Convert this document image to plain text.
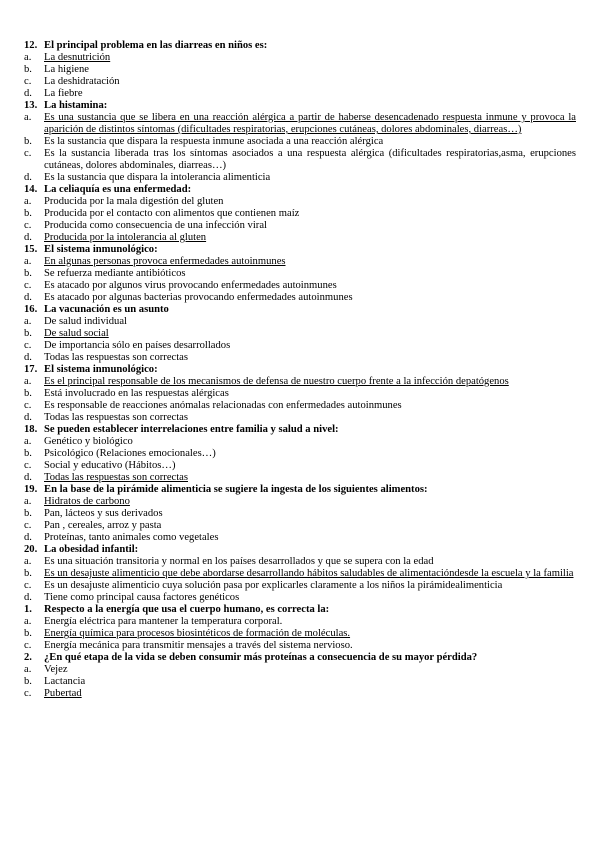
12. El principal problema en las diarreas en niños es:
a.	La desnutrición
b.	La higiene
c.	La deshidratación
d.	La fiebre
13. La histamina:
a.	Es una sustancia que se libera en una reacción alérgica a partir de haberse desencadenado respuesta inmune y provoca la aparición de distintos síntomas (dificultades respiratorias, erupciones cutáneas, dolores abdominales, diarreas…)
b.	Es la sustancia que dispara la respuesta inmune asociada a una reacción alérgica
c.	Es la sustancia liberada tras los síntomas asociados a una respuesta alérgica (dificultades respiratorias,asma, erupciones cutáneas, dolores abdominales, diarreas…)
d.	Es la sustancia que dispara la intolerancia alimenticia
14. La celiaquía es una enfermedad:
a.	Producida por la mala digestión del gluten
b.	Producida por el contacto con alimentos que contienen maíz
c.	Producida como consecuencia de una infección viral
d.	Producida por la intolerancia al gluten
15. El sistema inmunológico:
a.	En algunas personas provoca enfermedades autoinmunes
b.	Se refuerza mediante antibióticos
c.	Es atacado por algunos virus provocando enfermedades autoinmunes
d.	Es atacado por algunas bacterias provocando enfermedades autoinmunes
16. La vacunación es un asunto
a.	De salud individual
b.	De salud social
c.	De importancia sólo en países desarrollados
d.	Todas las respuestas son correctas
17. El sistema inmunológico:
a.	Es el principal responsable de los mecanismos de defensa de nuestro cuerpo frente a la infección depatógenos
b.	Está involucrado en las respuestas alérgicas
c.	Es responsable de reacciones anómalas relacionadas con enfermedades autoinmunes
d.	Todas las respuestas son correctas
18. Se pueden establecer interrelaciones entre familia y salud a nivel:
a.	Genético y biológico
b.	Psicológico (Relaciones emocionales…)
c.	Social y educativo (Hábitos…)
d.	Todas las respuestas son correctas
19. En la base de la pirámide alimenticia se sugiere la ingesta de los siguientes alimentos:
a.	Hidratos de carbono
b.	Pan, lácteos y sus derivados
c.	Pan , cereales, arroz y pasta
d.	Proteínas, tanto animales como vegetales
20. La obesidad infantil:
a.	Es una situación transitoria y normal en los países desarrollados y que se supera con la edad
b.	Es un desajuste alimenticio que debe abordarse desarrollando hábitos saludables de alimentacióndesde la escuela y la familia
c.	Es un desajuste alimenticio cuya solución pasa por explicarles claramente a los niños la pirámidealimenticia
d.	Tiene como principal causa factores genéticos
1.	Respecto a la energía que usa el cuerpo humano, es correcta la:
a.	Energía eléctrica para mantener la temperatura corporal.
b.	Energía química para procesos biosintéticos de formación de moléculas.
c.	Energía mecánica para transmitir mensajes a través del sistema nervioso.
2.	¿En qué etapa de la vida se deben consumir más proteínas a consecuencia de su mayor pérdida?
a.	Vejez
b.	Lactancia
c.	Pubertad
